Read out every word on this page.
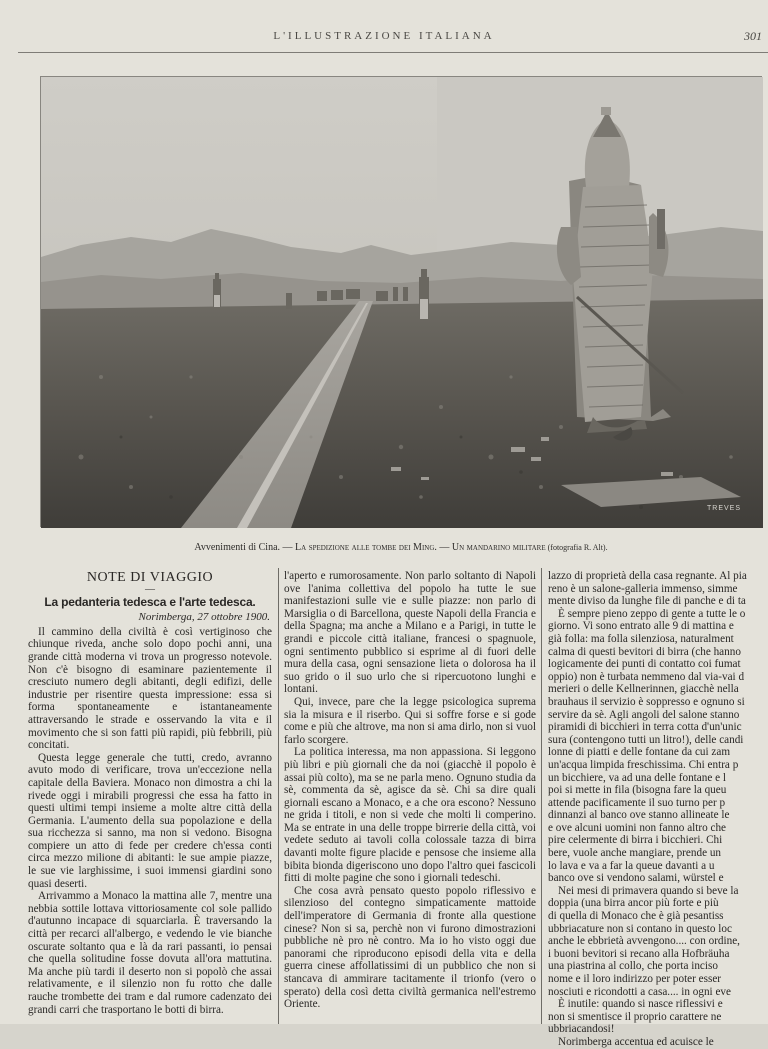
L'ILLUSTRAZIONE ITALIANA	301
TREVES
Avvenimenti di Cina. — La spedizione alle tombe dei Ming. — Un mandarino militare (fotografia R. Alt).
NOTE DI VIAGGIO
—
La pedanteria tedesca e l'arte tedesca.
Norimberga, 27 ottobre 1900.

Il cammino della civiltà è così vertiginoso che chiunque riveda, anche solo dopo pochi anni, una grande città moderna vi trova un progresso notevole. Non c'è bisogno di esaminare pazientemente il cresciuto numero degli abitanti, degli edifizi, delle industrie per risentire questa impressione: essa si forma spontaneamente e istantaneamente attraversando le strade e osservando la vita e il movimento che si son fatti più rapidi, più febbrili, più concitati.

Questa legge generale che tutti, credo, avranno avuto modo di verificare, trova un'eccezione nella capitale della Baviera. Monaco non dimostra a chi la rivede oggi i mirabili progressi che essa ha fatto in questi ultimi tempi insieme a molte altre città della Germania. L'aumento della sua popolazione e della sua ricchezza si sanno, ma non si vedono. Bisogna compiere un atto di fede per credere ch'essa conti circa mezzo milione di abitanti: le sue ampie piazze, le sue vie larghissime, i suoi immensi giardini sono quasi deserti.

Arrivammo a Monaco la mattina alle 7, mentre una nebbia sottile lottava vittoriosamente col sole pallido d'autunno incapace di squarciarla. È traversando la città per recarci all'albergo, e vedendo le vie bianche oscurate soltanto qua e là da rari passanti, io pensai che quella solitudine fosse dovuta all'ora mattutina. Ma anche più tardi il deserto non si popolò che assai relativamente, e il silenzio non fu rotto che dalle rauche trombette dei tram e dal rumore cadenzato dei grandi carri che trasportano le botti di birra.

l'aperto e rumorosamente. Non parlo soltanto di Napoli ove l'anima collettiva del popolo ha tutte le sue manifestazioni sulle vie e sulle piazze: non parlo di Marsiglia o di Barcellona, queste Napoli della Francia e della Spagna; ma anche a Milano e a Parigi, in tutte le grandi e piccole città italiane, francesi o spagnuole, ogni sentimento pubblico si esprime al di fuori delle mura della casa, ogni sensazione lieta o dolorosa ha il suo grido o il suo urlo che si ripercuotono lunghi e lontani.

Qui, invece, pare che la legge psicologica suprema sia la misura e il riserbo. Qui si soffre forse e si gode come e più che altrove, ma non si ama dirlo, non si vuol farlo scorgere.

La politica interessa, ma non appassiona. Si leggono più libri e più giornali che da noi (giacchè il popolo è assai più colto), ma se ne parla meno. Ognuno studia da sè, commenta da sè, agisce da sè. Chi sa dire quali giornali escano a Monaco, e a che ora escono? Nessuno ne grida i titoli, e non si vede che molti li comperino. Ma se entrate in una delle troppe birrerie della città, voi vedete seduto ai tavoli colla colossale tazza di birra davanti molte figure placide e pensose che insieme alla bibita bionda digeriscono uno dopo l'altro quei fascicoli fitti di molte pagine che sono i giornali tedeschi.

Che cosa avrà pensato questo popolo riflessivo e silenzioso del contegno simpaticamente mattoide dell'imperatore di Germania di fronte alla questione cinese? Non si sa, perchè non vi furono dimostrazioni pubbliche nè pro nè contro. Ma io ho visto oggi due panorami che riproducono episodi della vita e della guerra cinese affollatissimi di un pubblico che non si stancava di ammirare tacitamente il trionfo (vero o sperato) della così detta civiltà germanica nell'estremo Oriente.

lazzo di proprietà della casa regnante. Al pia

reno è un salone-galleria immenso, simme

mente diviso da lunghe file di panche e di ta

È sempre pieno zeppo di gente a tutte le o

giorno. Vi sono entrato alle 9 di mattina e

già folla: ma folla silenziosa, naturalment

calma di questi bevitori di birra (che hanno

logicamente dei punti di contatto coi fumat

oppio) non è turbata nemmeno dal via-vai d

merieri o delle Kellnerinnen, giacchè nella

brauhaus il servizio è soppresso e ognuno si

servire da sè. Agli angoli del salone stanno

piramidi di bicchieri in terra cotta d'un'unic

sura (contengono tutti un litro!), delle candi

lonne di piatti e delle fontane da cui zam

un'acqua limpida freschissima. Chi entra p

un bicchiere, va ad una delle fontane e l

poi si mette in fila (bisogna fare la queu

attende pacificamente il suo turno per p

dinnanzi al banco ove stanno allineate le

e ove alcuni uomini non fanno altro che

pire celermente di birra i bicchieri. Chi

bere, vuole anche mangiare, prende un

lo lava e va a far la queue davanti a u

banco ove si vendono salami, würstel e

Nei mesi di primavera quando si beve la

doppia (una birra ancor più forte e più

di quella di Monaco che è già pesantiss

ubbriacature non si contano in questo loc

anche le ebbrietà avvengono.... con ordine,

i buoni bevitori si recano alla Hofbräuha

una piastrina al collo, che porta inciso

nome e il loro indirizzo per poter esser

nosciuti e ricondotti a casa.... in ogni eve

È inutile: quando si nasce riflessivi e

non si smentisce il proprio carattere ne

ubbriacandosi!

Norimberga accentua ed acuisce le
